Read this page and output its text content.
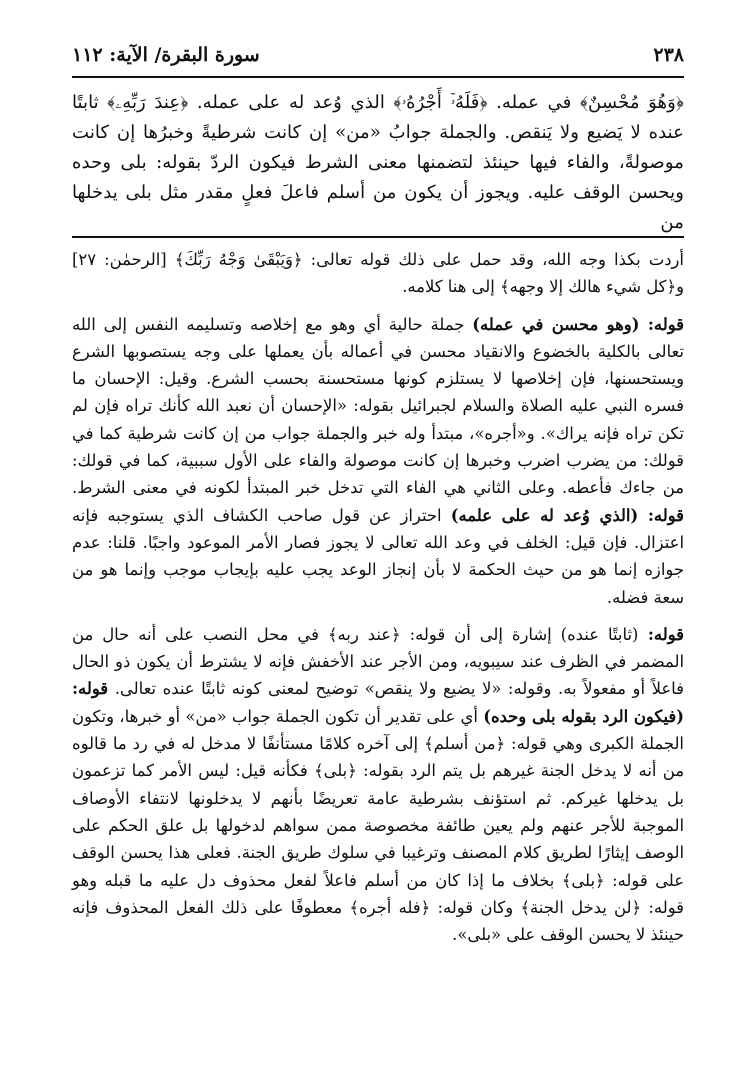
٢٣٨
سورة البقرة/ الآية: ١١٢

﴿وَهُوَ مُحْسِنٌ﴾ في عمله. ﴿فَلَهُۥٓ أَجْرُهُۥ﴾ الذي وُعد له على عمله. ﴿عِندَ رَبِّهِۦ﴾ ثابتًا عنده لا يَضيع ولا يَنقص. والجملة جوابُ «من» إن كانت شرطيةً وخبرُها إن كانت موصولةً، والفاء فيها حينئذ لتضمنها معنى الشرط فيكون الردّ بقوله: بلى وحده ويحسن الوقف عليه. ويجوز أن يكون من أسلم فاعلَ فعلٍ مقدر مثل بلى يدخلها من

أردت بكذا وجه الله، وقد حمل على ذلك قوله تعالى: ﴿وَيَبْقَىٰ وَجْهُ رَبِّكَ﴾ [الرحمٰن: ٢٧] و﴿كل شيء هالك إلا وجهه﴾ إلى هنا كلامه.

قوله: (وهو محسن في عمله) جملة حالية أي وهو مع إخلاصه وتسليمه النفس إلى الله تعالى بالكلية بالخضوع والانقياد محسن في أعماله بأن يعملها على وجه يستصوبها الشرع ويستحسنها، فإن إخلاصها لا يستلزم كونها مستحسنة بحسب الشرع. وقيل: الإحسان ما فسره النبي عليه الصلاة والسلام لجبرائيل بقوله: «الإحسان أن نعبد الله كأنك تراه فإن لم تكن تراه فإنه يراك». و«أجره»، مبتدأ وله خبر والجملة جواب من إن كانت شرطية كما في قولك: من يضرب اضرب وخبرها إن كانت موصولة والفاء على الأول سببية، كما في قولك: من جاءك فأعطه. وعلى الثاني هي الفاء التي تدخل خبر المبتدأ لكونه في معنى الشرط. قوله: (الذي وُعد له على علمه) احتراز عن قول صاحب الكشاف الذي يستوجبه فإنه اعتزال. فإن قيل: الخلف في وعد الله تعالى لا يجوز فصار الأمر الموعود واجبًا. قلنا: عدم جوازه إنما هو من حيث الحكمة لا بأن إنجاز الوعد يجب عليه بإيجاب موجب وإنما هو من سعة فضله.

قوله: (ثابتًا عنده) إشارة إلى أن قوله: ﴿عند ربه﴾ في محل النصب على أنه حال من المضمر في الظرف عند سيبويه، ومن الأجر عند الأخفش فإنه لا يشترط أن يكون ذو الحال فاعلاً أو مفعولاً به. وقوله: «لا يضيع ولا ينقص» توضيح لمعنى كونه ثابتًا عنده تعالى. قوله: (فيكون الرد بقوله بلى وحده) أي على تقدير أن تكون الجملة جواب «من» أو خبرها، وتكون الجملة الكبرى وهي قوله: ﴿من أسلم﴾ إلى آخره كلامًا مستأنفًا لا مدخل له في رد ما قالوه من أنه لا يدخل الجنة غيرهم بل يتم الرد بقوله: ﴿بلى﴾ فكأنه قيل: ليس الأمر كما تزعمون بل يدخلها غيركم. ثم استؤنف بشرطية عامة تعريضًا بأنهم لا يدخلونها لانتفاء الأوصاف الموجبة للأجر عنهم ولم يعين طائفة مخصوصة ممن سواهم لدخولها بل علق الحكم على الوصف إيثارًا لطريق كلام المصنف وترغيبا في سلوك طريق الجنة. فعلى هذا يحسن الوقف على قوله: ﴿بلى﴾ بخلاف ما إذا كان من أسلم فاعلاً لفعل محذوف دل عليه ما قبله وهو قوله: ﴿لن يدخل الجنة﴾ وكان قوله: ﴿فله أجره﴾ معطوفًا على ذلك الفعل المحذوف فإنه حينئذ لا يحسن الوقف على «بلى».
